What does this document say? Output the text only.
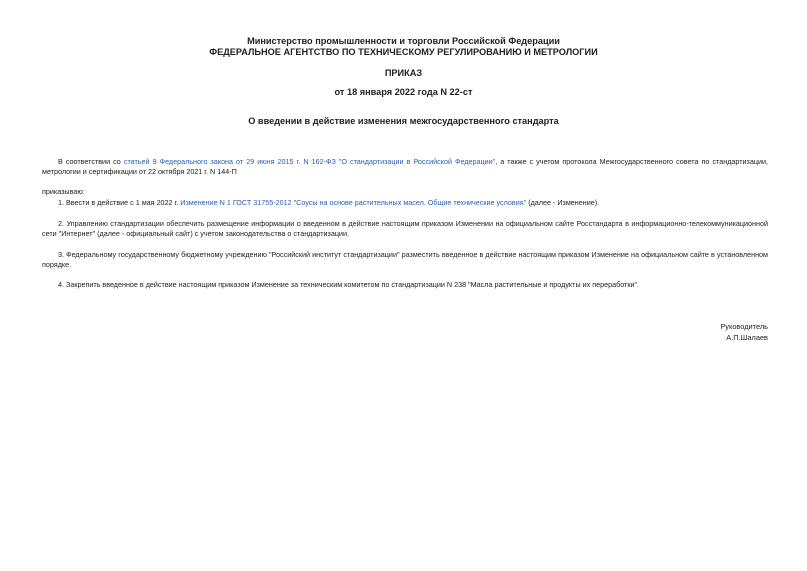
Министерство промышленности и торговли Российской Федерации
ФЕДЕРАЛЬНОЕ АГЕНТСТВО ПО ТЕХНИЧЕСКОМУ РЕГУЛИРОВАНИЮ И МЕТРОЛОГИИ
ПРИКАЗ
от 18 января 2022 года N 22-ст
О введении в действие изменения межгосударственного стандарта
В соответствии со статьей 9 Федерального закона от 29 июня 2015 г. N 162-ФЗ "О стандартизации в Российской Федерации", а также с учетом протокола Межгосударственного совета по стандартизации, метрологии и сертификации от 22 октября 2021 г. N 144-П
приказываю:
1. Ввести в действие с 1 мая 2022 г. Изменение N 1 ГОСТ 31755-2012 "Соусы на основе растительных масел. Общие технические условия" (далее - Изменение).
2. Управлению стандартизации обеспечить размещение информации о введенном в действие настоящим приказом Изменении на официальном сайте Росстандарта в информационно-телекоммуникационной сети "Интернет" (далее - официальный сайт) с учетом законодательства о стандартизации.
3. Федеральному государственному бюджетному учреждению "Российский институт стандартизации" разместить введенное в действие настоящим приказом Изменение на официальном сайте в установленном порядке.
4. Закрепить введенное в действие настоящим приказом Изменение за техническим комитетом по стандартизации N 238 "Масла растительные и продукты их переработки".
Руководитель
А.П.Шалаев
